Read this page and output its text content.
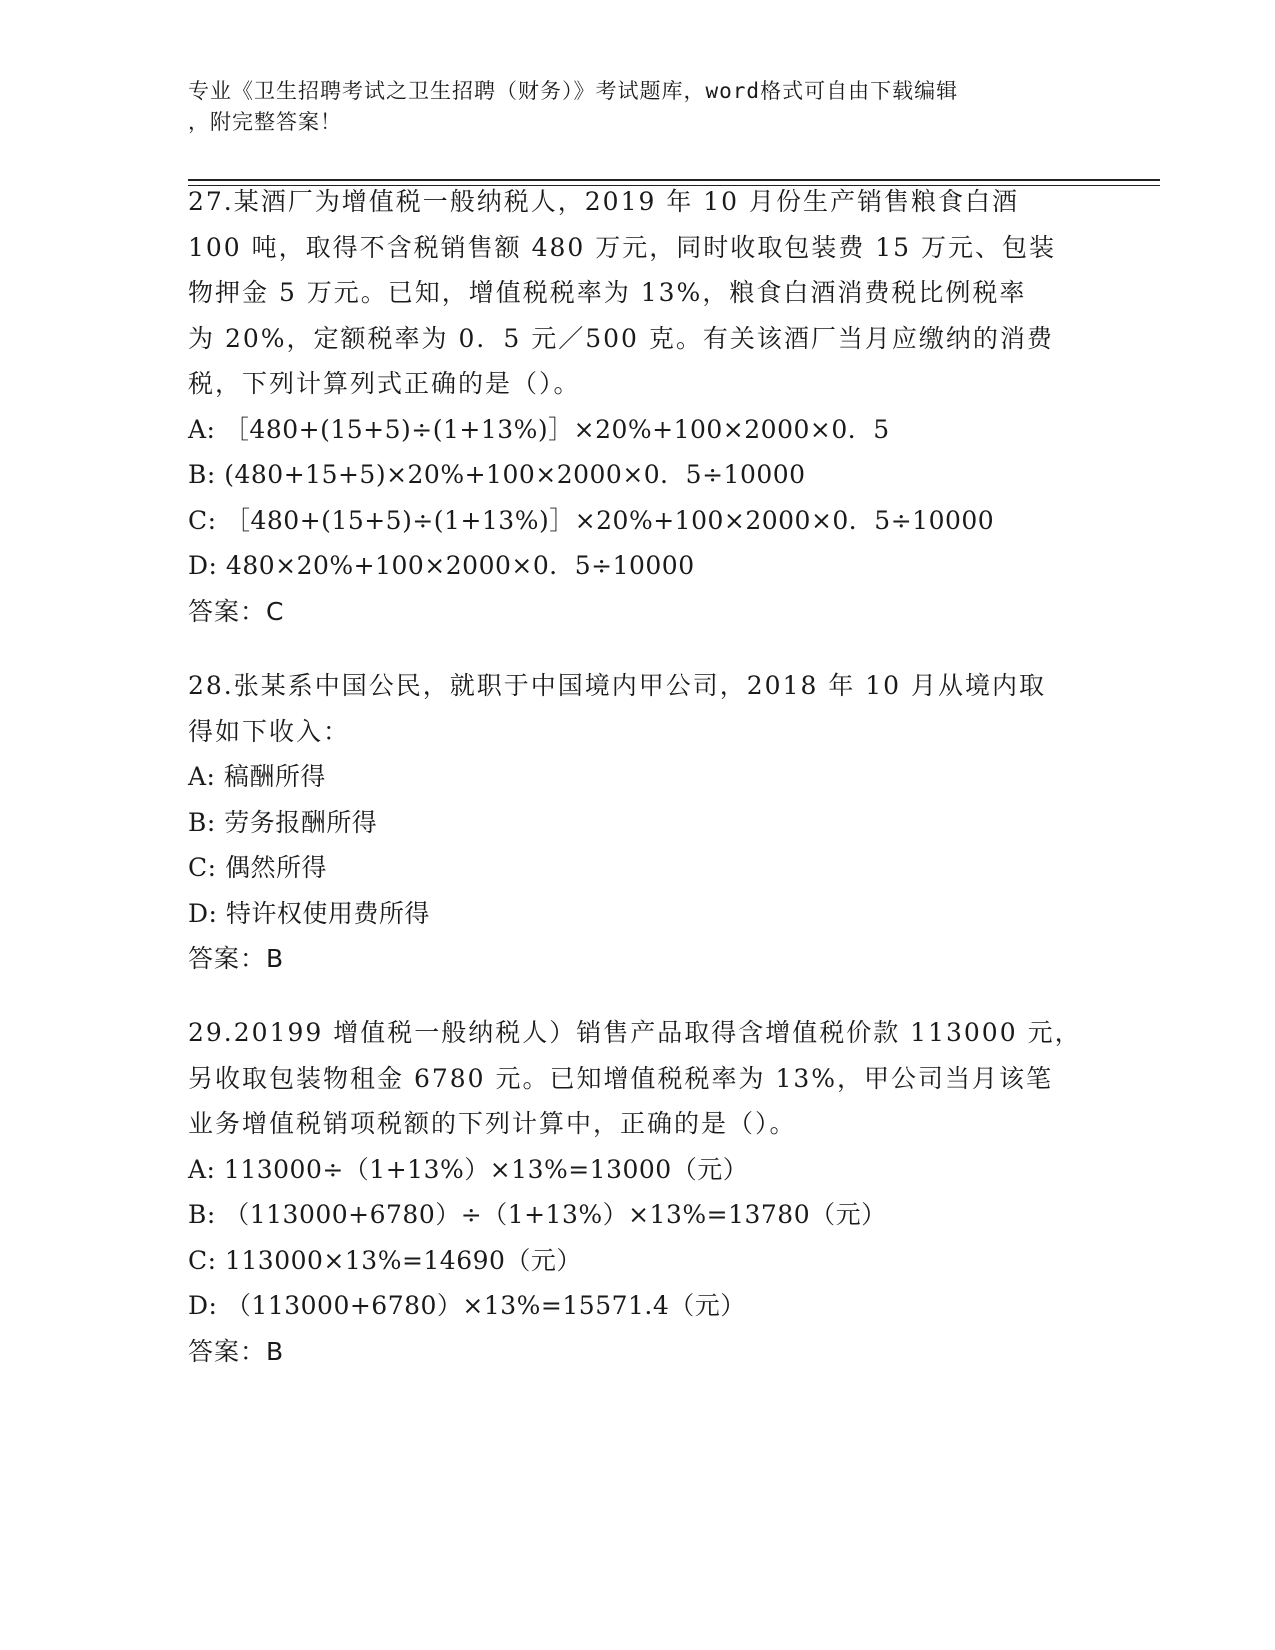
专业《卫生招聘考试之卫生招聘（财务）》考试题库，word格式可自由下载编辑
，附完整答案！
27.某酒厂为增值税一般纳税人，2019 年 10 月份生产销售粮食白酒
100 吨，取得不含税销售额 480 万元，同时收取包装费 15 万元、包装
物押金 5 万元。已知，增值税税率为 13%，粮食白酒消费税比例税率
为 20%，定额税率为 0．5 元／500 克。有关该酒厂当月应缴纳的消费
税，下列计算列式正确的是（）。
A: ［480+(15+5)÷(1+13%)］×20%+100×2000×0．5
B: (480+15+5)×20%+100×2000×0．5÷10000
C: ［480+(15+5)÷(1+13%)］×20%+100×2000×0．5÷10000
D: 480×20%+100×2000×0．5÷10000
答案：C
28.张某系中国公民，就职于中国境内甲公司，2018 年 10 月从境内取
得如下收入：
A: 稿酬所得
B: 劳务报酬所得
C: 偶然所得
D: 特许权使用费所得
答案：B
29.20199 增值税一般纳税人）销售产品取得含增值税价款 113000 元，
另收取包装物租金 6780 元。已知增值税税率为 13%，甲公司当月该笔
业务增值税销项税额的下列计算中，正确的是（）。
A: 113000÷（1+13%）×13%=13000（元）
B: （113000+6780）÷（1+13%）×13%=13780（元）
C: 113000×13%=14690（元）
D: （113000+6780）×13%=15571.4（元）
答案：B
